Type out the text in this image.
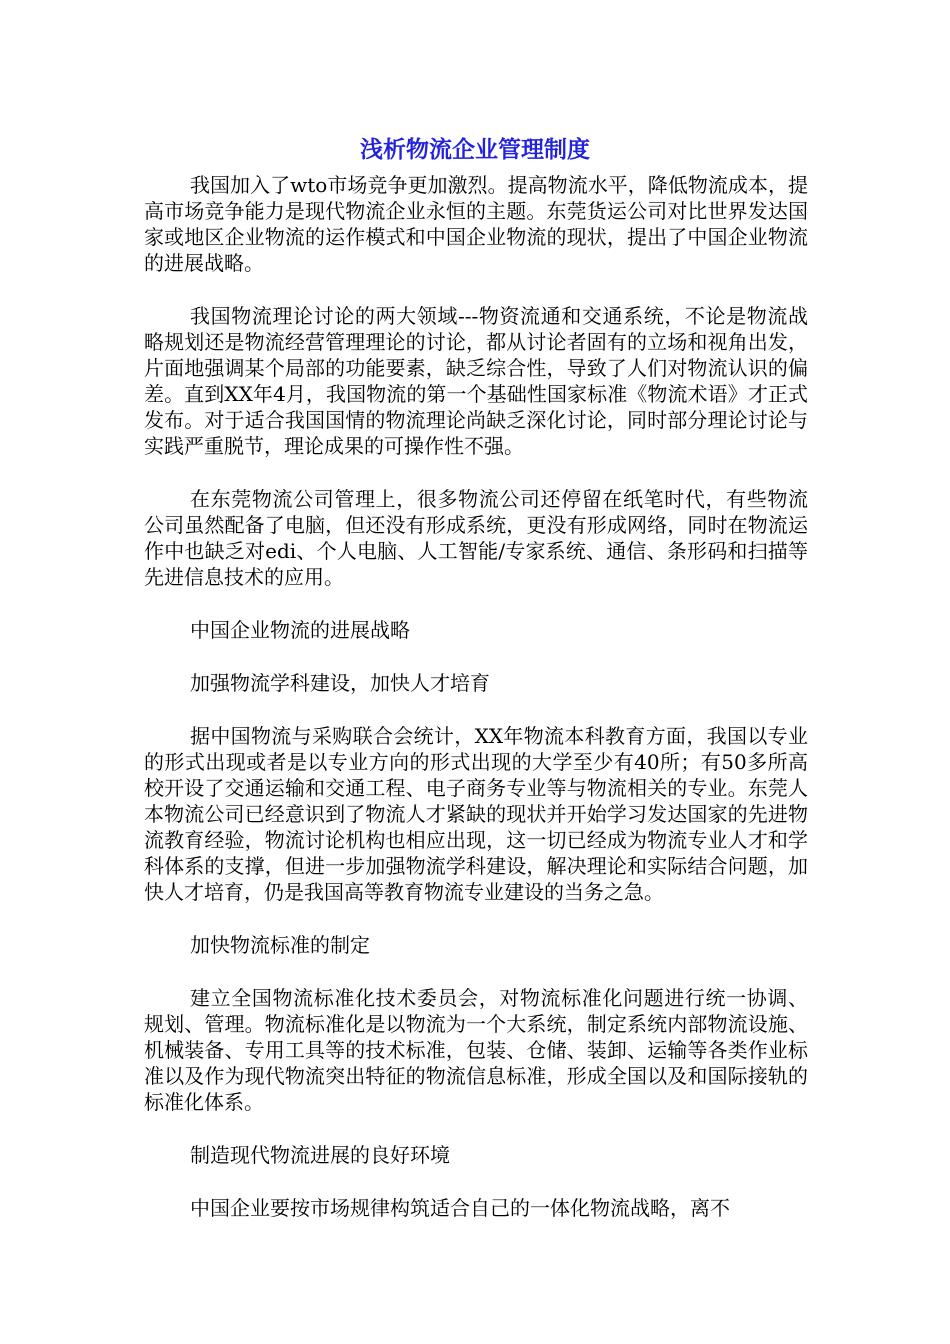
浅析物流企业管理制度

我国加入了wto市场竞争更加激烈。提高物流水平，降低物流成本，提高市场竞争能力是现代物流企业永恒的主题。东莞货运公司对比世界发达国家或地区企业物流的运作模式和中国企业物流的现状，提出了中国企业物流的进展战略。

我国物流理论讨论的两大领域---物资流通和交通系统，不论是物流战略规划还是物流经营管理理论的讨论，都从讨论者固有的立场和视角出发，片面地强调某个局部的功能要素，缺乏综合性，导致了人们对物流认识的偏差。直到XX年4月，我国物流的第一个基础性国家标准《物流术语》才正式发布。对于适合我国国情的物流理论尚缺乏深化讨论，同时部分理论讨论与实践严重脱节，理论成果的可操作性不强。

在东莞物流公司管理上，很多物流公司还停留在纸笔时代，有些物流公司虽然配备了电脑，但还没有形成系统，更没有形成网络，同时在物流运作中也缺乏对edi、个人电脑、人工智能/专家系统、通信、条形码和扫描等先进信息技术的应用。

中国企业物流的进展战略

加强物流学科建设，加快人才培育

据中国物流与采购联合会统计，XX年物流本科教育方面，我国以专业的形式出现或者是以专业方向的形式出现的大学至少有40所；有50多所高校开设了交通运输和交通工程、电子商务专业等与物流相关的专业。东莞人本物流公司已经意识到了物流人才紧缺的现状并开始学习发达国家的先进物流教育经验，物流讨论机构也相应出现，这一切已经成为物流专业人才和学科体系的支撑，但进一步加强物流学科建设，解决理论和实际结合问题，加快人才培育，仍是我国高等教育物流专业建设的当务之急。

加快物流标准的制定

建立全国物流标准化技术委员会，对物流标准化问题进行统一协调、规划、管理。物流标准化是以物流为一个大系统，制定系统内部物流设施、机械装备、专用工具等的技术标准，包装、仓储、装卸、运输等各类作业标准以及作为现代物流突出特征的物流信息标准，形成全国以及和国际接轨的标准化体系。

制造现代物流进展的良好环境

中国企业要按市场规律构筑适合自己的一体化物流战略，离不
